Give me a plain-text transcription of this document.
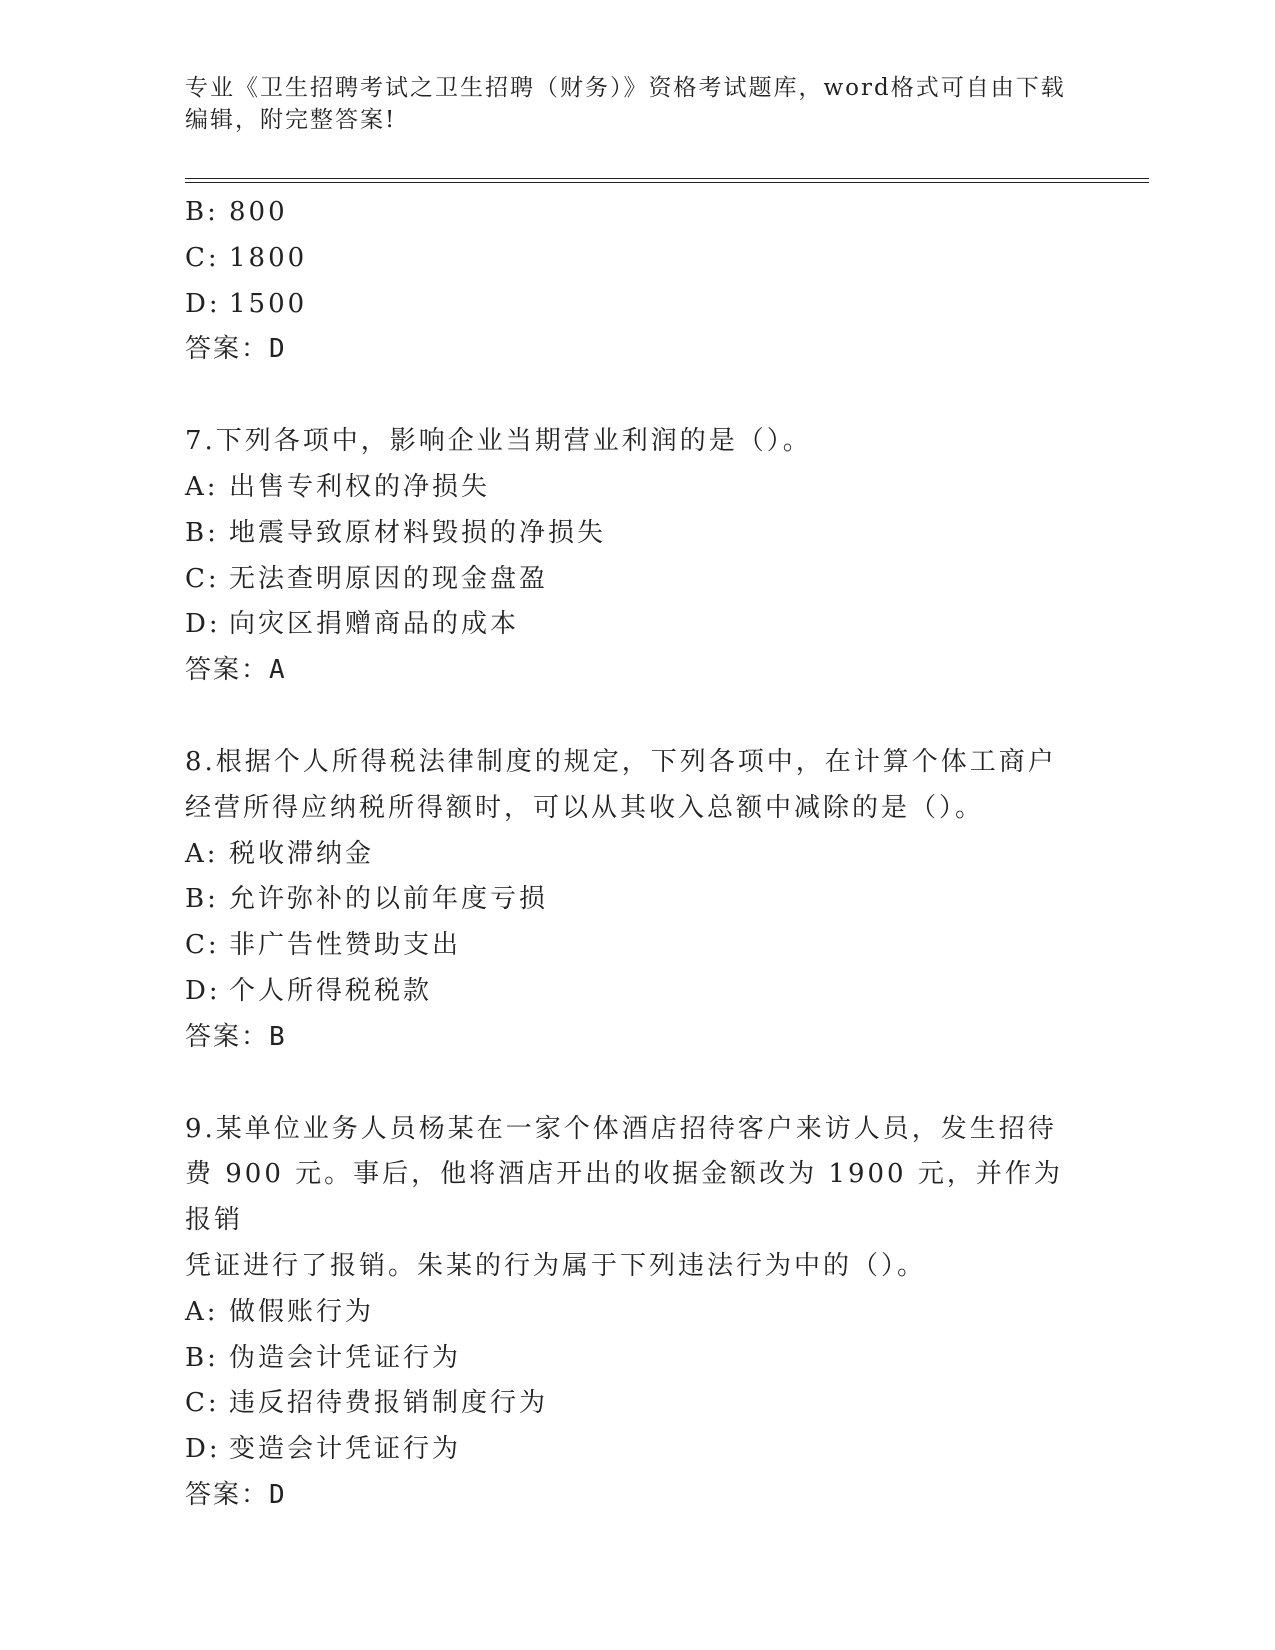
专业《卫生招聘考试之卫生招聘（财务）》资格考试题库，word格式可自由下载
编辑，附完整答案!
B: 800
C: 1800
D: 1500
答案：D
7.下列各项中，影响企业当期营业利润的是（）。
A: 出售专利权的净损失
B: 地震导致原材料毁损的净损失
C: 无法查明原因的现金盘盈
D: 向灾区捐赠商品的成本
答案：A
8.根据个人所得税法律制度的规定，下列各项中，在计算个体工商户
经营所得应纳税所得额时，可以从其收入总额中减除的是（）。
A: 税收滞纳金
B: 允许弥补的以前年度亏损
C: 非广告性赞助支出
D: 个人所得税税款
答案：B
9.某单位业务人员杨某在一家个体酒店招待客户来访人员，发生招待
费 900 元。事后，他将酒店开出的收据金额改为 1900 元，并作为报销
凭证进行了报销。朱某的行为属于下列违法行为中的（）。
A: 做假账行为
B: 伪造会计凭证行为
C: 违反招待费报销制度行为
D: 变造会计凭证行为
答案：D
